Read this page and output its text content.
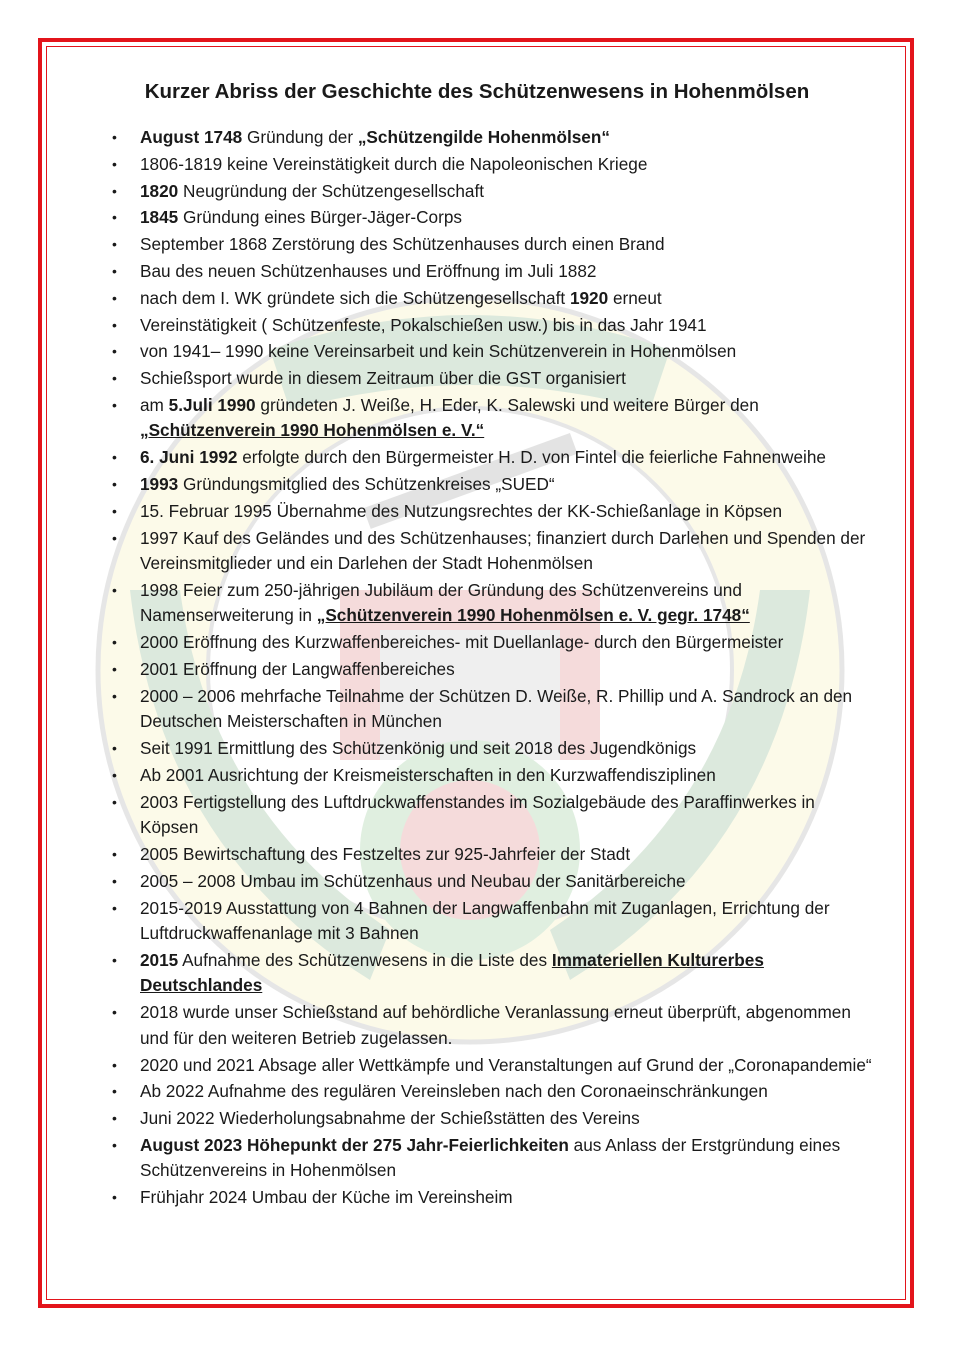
Kurzer Abriss der Geschichte des Schützenwesens in Hohenmölsen
• August 1748 Gründung der „Schützengilde Hohenmölsen“
• 1806-1819 keine Vereinstätigkeit durch die Napoleonischen Kriege
• 1820 Neugründung der Schützengesellschaft
• 1845 Gründung eines Bürger-Jäger-Corps
• September 1868 Zerstörung des Schützenhauses durch einen Brand
• Bau des neuen Schützenhauses und Eröffnung im Juli 1882
• nach dem I. WK gründete sich die Schützengesellschaft 1920 erneut
• Vereinstätigkeit ( Schützenfeste, Pokalschießen usw.) bis in das Jahr 1941
• von 1941– 1990 keine Vereinsarbeit und kein Schützenverein in Hohenmölsen
• Schießsport wurde in diesem Zeitraum über die GST organisiert
• am 5.Juli 1990 gründeten J. Weiße, H. Eder, K. Salewski und weitere Bürger den „Schützenverein 1990 Hohenmölsen e. V.“
• 6. Juni 1992 erfolgte durch den Bürgermeister H. D. von Fintel die feierliche Fahnenweihe
• 1993 Gründungsmitglied des Schützenkreises „SUED“
• 15. Februar 1995 Übernahme des Nutzungsrechtes der KK-Schießanlage in Köpsen
• 1997 Kauf des Geländes und des Schützenhauses; finanziert durch Darlehen und Spenden der Vereinsmitglieder und ein Darlehen der Stadt Hohenmölsen
• 1998 Feier zum 250-jährigen Jubiläum der Gründung des Schützenvereins und Namenserweiterung in „Schützenverein 1990 Hohenmölsen e. V. gegr. 1748“
• 2000 Eröffnung des Kurzwaffenbereiches- mit Duellanlage- durch den Bürgermeister
• 2001 Eröffnung der Langwaffenbereiches
• 2000 – 2006 mehrfache Teilnahme der Schützen D. Weiße, R. Phillip und A. Sandrock an den Deutschen Meisterschaften in München
• Seit 1991 Ermittlung des Schützenkönig und seit 2018 des Jugendkönigs
• Ab 2001 Ausrichtung der Kreismeisterschaften in den Kurzwaffendisziplinen
• 2003 Fertigstellung des Luftdruckwaffenstandes im Sozialgebäude des Paraffinwerkes in Köpsen
• 2005 Bewirtschaftung des Festzeltes zur 925-Jahrfeier der Stadt
• 2005 – 2008 Umbau im Schützenhaus und Neubau der Sanitärbereiche
• 2015-2019 Ausstattung von 4 Bahnen der Langwaffenbahn mit Zuganlagen, Errichtung der Luftdruckwaffenanlage mit 3 Bahnen
• 2015 Aufnahme des Schützenwesens in die Liste des Immateriellen Kulturerbes Deutschlandes
• 2018 wurde unser Schießstand auf behördliche Veranlassung erneut überprüft, abgenommen und für den weiteren Betrieb zugelassen.
• 2020 und 2021 Absage aller Wettkämpfe und Veranstaltungen auf Grund der „Coronapandemie“
• Ab 2022 Aufnahme des regulären Vereinsleben nach den Coronaeinschränkungen
• Juni 2022 Wiederholungsabnahme der Schießstätten des Vereins
• August 2023 Höhepunkt der 275 Jahr-Feierlichkeiten aus Anlass der Erstgründung eines Schützenvereins in Hohenmölsen
• Frühjahr 2024 Umbau der Küche im Vereinsheim
